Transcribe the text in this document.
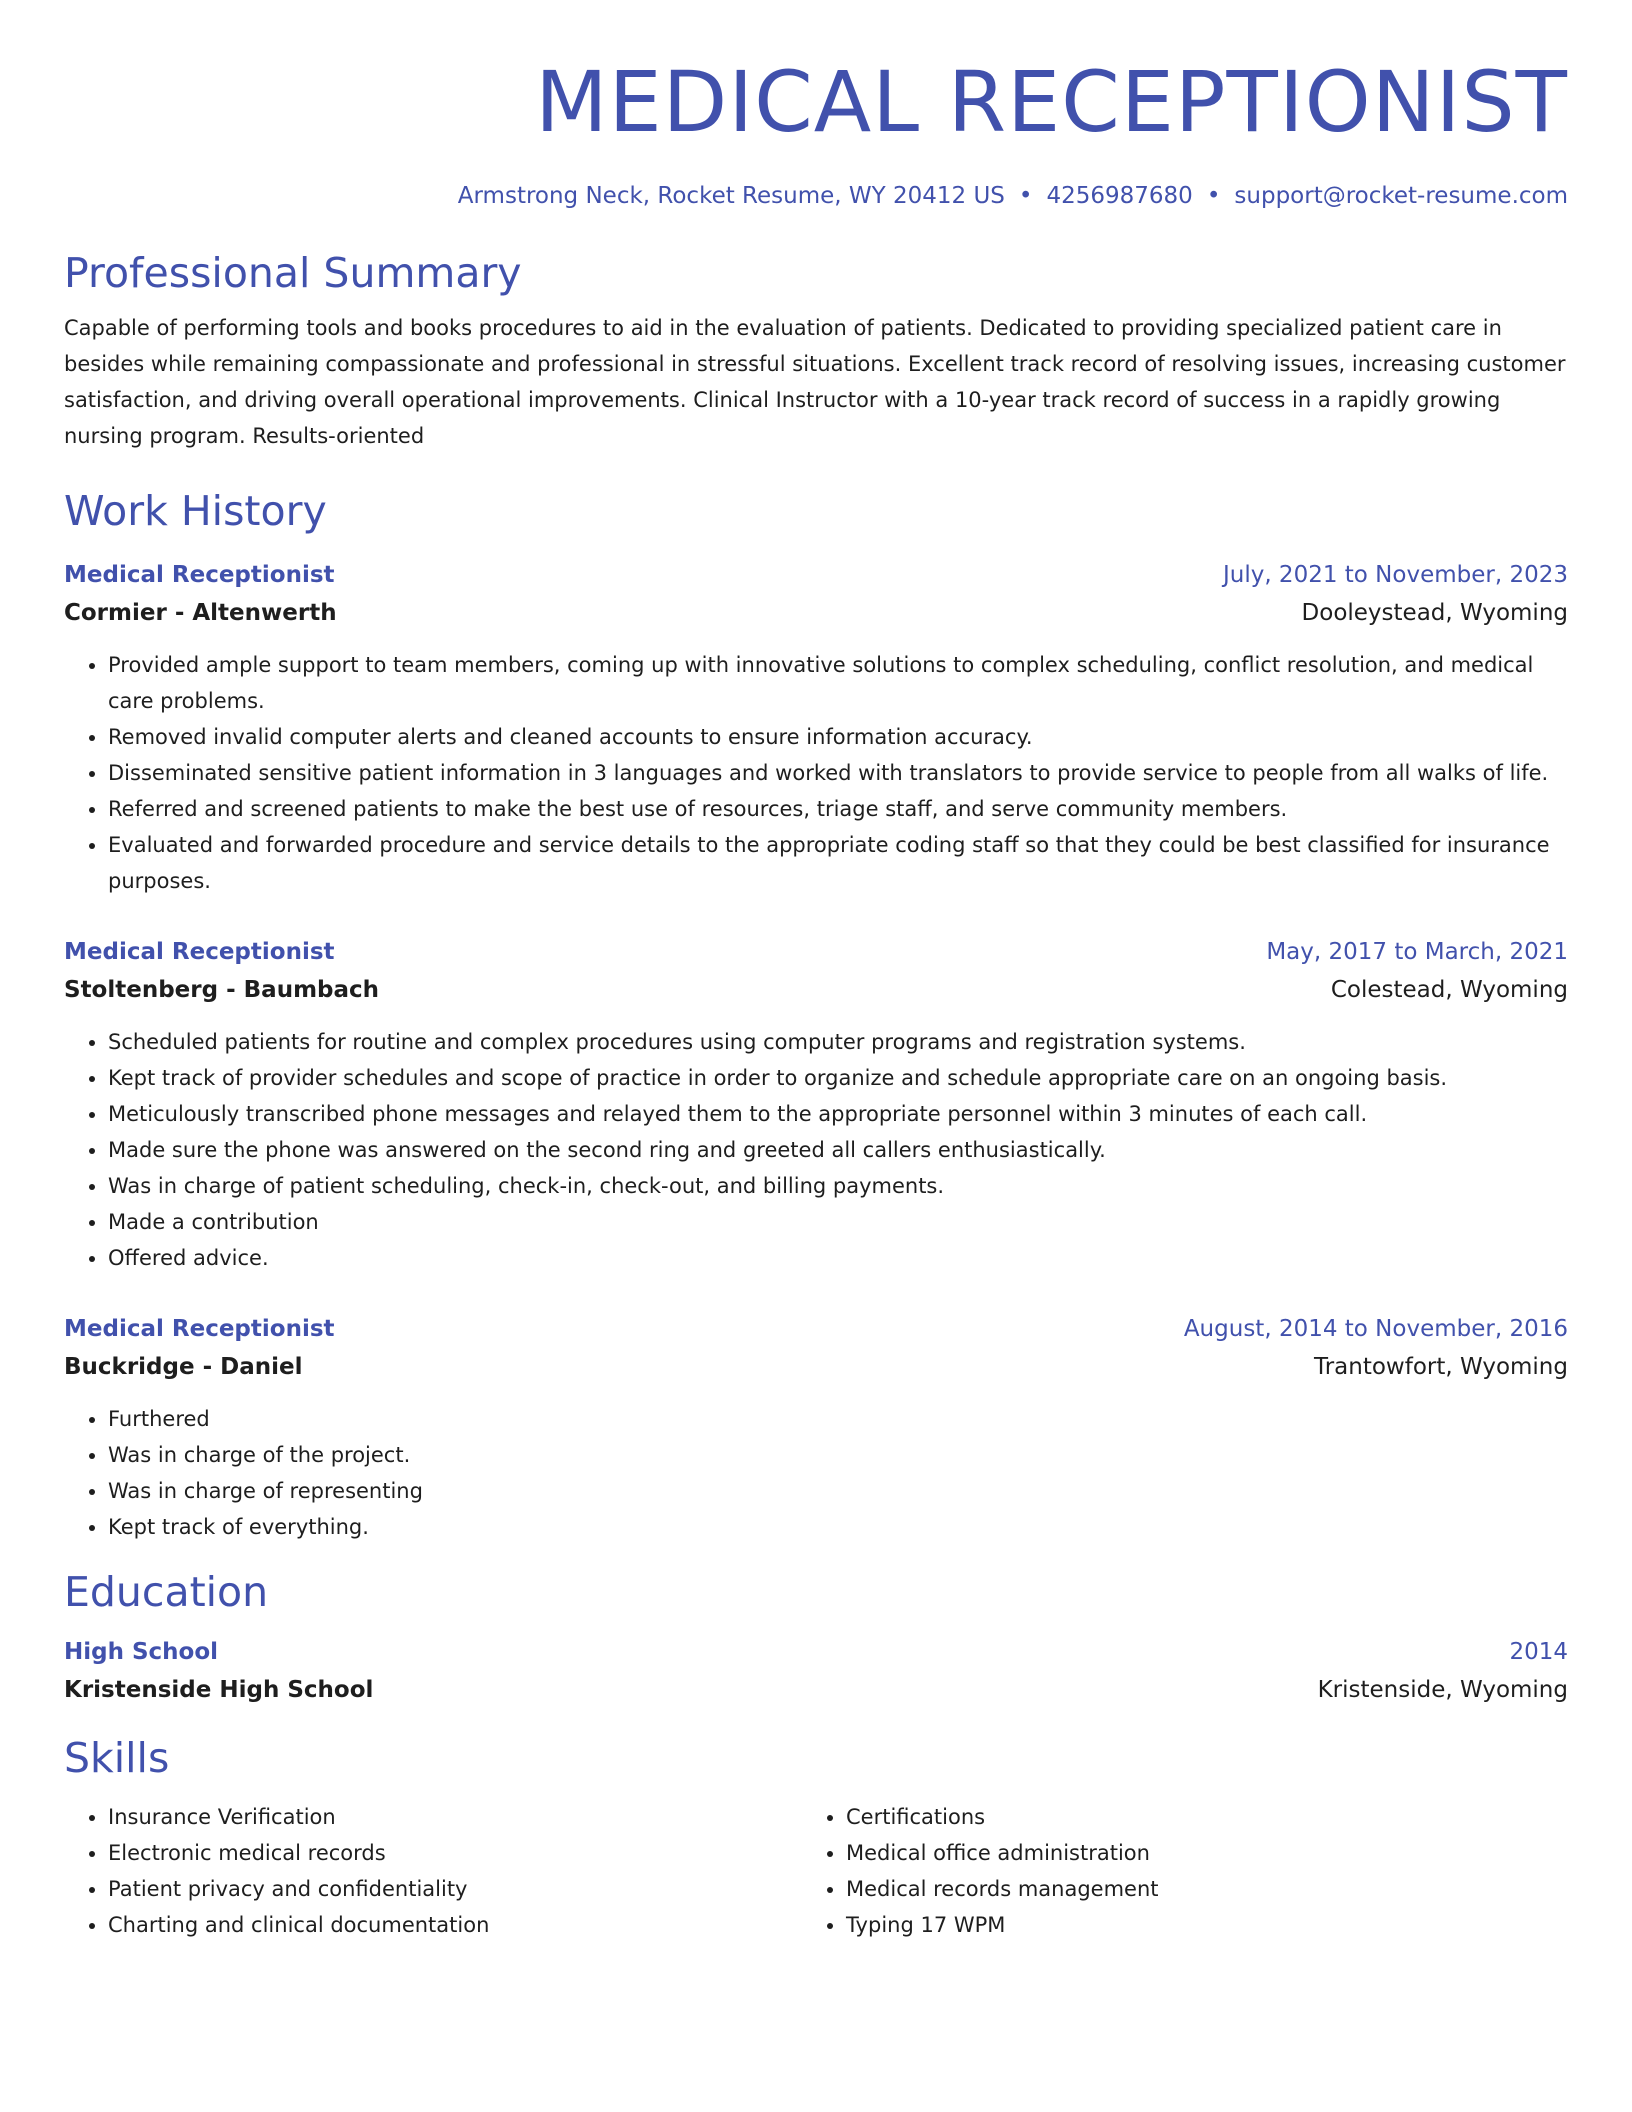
MEDICAL RECEPTIONIST
Armstrong Neck, Rocket Resume, WY 20412 US • 4256987680 • support@rocket-resume.com
Professional Summary
Capable of performing tools and books procedures to aid in the evaluation of patients. Dedicated to providing specialized patient care in besides while remaining compassionate and professional in stressful situations. Excellent track record of resolving issues, increasing customer satisfaction, and driving overall operational improvements. Clinical Instructor with a 10-year track record of success in a rapidly growing nursing program. Results-oriented
Work History
Medical Receptionist	July, 2021 to November, 2023
Cormier - Altenwerth	Dooleystead, Wyoming
• Provided ample support to team members, coming up with innovative solutions to complex scheduling, conflict resolution, and medical care problems.
• Removed invalid computer alerts and cleaned accounts to ensure information accuracy.
• Disseminated sensitive patient information in 3 languages and worked with translators to provide service to people from all walks of life.
• Referred and screened patients to make the best use of resources, triage staff, and serve community members.
• Evaluated and forwarded procedure and service details to the appropriate coding staff so that they could be best classified for insurance purposes.
Medical Receptionist	May, 2017 to March, 2021
Stoltenberg - Baumbach	Colestead, Wyoming
• Scheduled patients for routine and complex procedures using computer programs and registration systems.
• Kept track of provider schedules and scope of practice in order to organize and schedule appropriate care on an ongoing basis.
• Meticulously transcribed phone messages and relayed them to the appropriate personnel within 3 minutes of each call.
• Made sure the phone was answered on the second ring and greeted all callers enthusiastically.
• Was in charge of patient scheduling, check-in, check-out, and billing payments.
• Made a contribution
• Offered advice.
Medical Receptionist	August, 2014 to November, 2016
Buckridge - Daniel	Trantowfort, Wyoming
• Furthered
• Was in charge of the project.
• Was in charge of representing
• Kept track of everything.
Education
High School	2014
Kristenside High School	Kristenside, Wyoming
Skills
• Insurance Verification
• Electronic medical records
• Patient privacy and confidentiality
• Charting and clinical documentation
• Certifications
• Medical office administration
• Medical records management
• Typing 17 WPM
